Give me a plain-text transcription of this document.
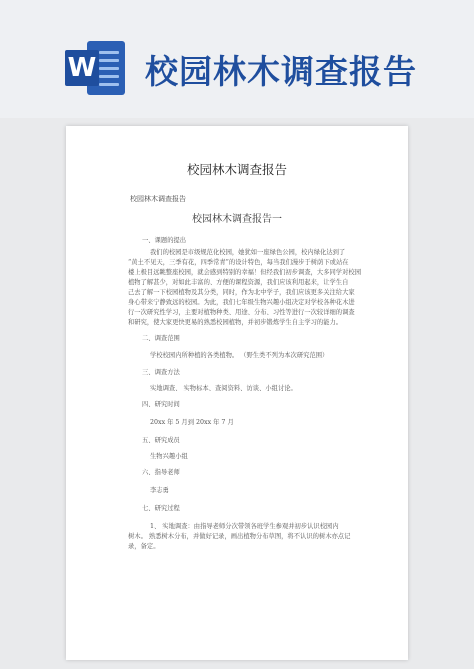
W 校园林木调查报告
校园林木调查报告
校园林木调查报告
校园林木调查报告一
一、课题的提出
我们的校园是市级规范化校园，她犹如一座绿色公园，校内绿化达到了
“黄土不见天，三季有花，四季常青”的设计特色，每当我们漫步于树荫下或站在
楼上极目远眺整座校园，就会感到特别的幸福！但经我们初步调查，大多同学对校园
植物了解甚少，对如此丰富的、方便的课程资源，我们应该利用起来，让学生自
己去了解一下校园植物及其分类，同时，作为北中学子，我们应该更多关注给大家
身心带来宁静致远的校园。为此，我们七年级生物兴趣小组决定对学校各种花木进
行一次研究性学习，主要对植物种类、用途、分布、习性等进行一次较详细的调查
和研究，使大家更快更易的熟悉校园植物，并初步锻炼学生自主学习的能力。
二、调查范围
学校校园内所种植的各类植物。 （野生类不列为本次研究范围）
三、调查方法
实地调查、 实物标本、查阅资料、访谈、小组讨论。
四、研究时间
20xx 年 5 月到 20xx 年 7 月
五、研究成员
生物兴趣小组
六、指导老师
李志勇
七、研究过程
1、 实地调查：由指导老师分次带领各班学生参观并初步认识校园内
树木。 熟悉树木分布，并做好记录，画出植物分布草图，将不认识的树木亦点记
录，备定。
